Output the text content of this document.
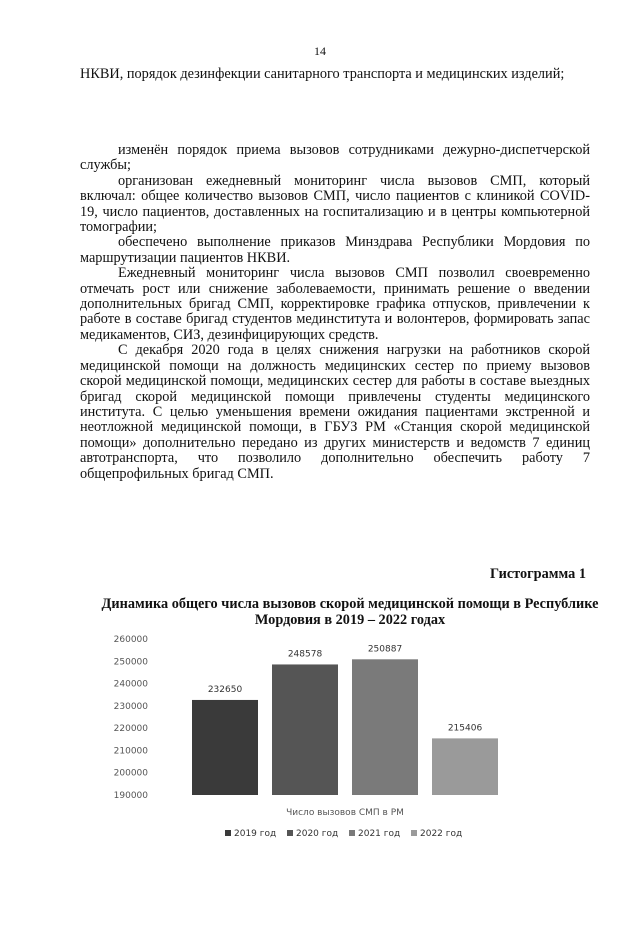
14

НКВИ, порядок дезинфекции санитарного транспорта и медицинских изделий;

изменён порядок приема вызовов сотрудниками дежурно-диспетчерской службы;

организован ежедневный мониторинг числа вызовов СМП, который включал: общее количество вызовов СМП, число пациентов с клиникой COVID-19, число пациентов, доставленных на госпитализацию и в центры компьютерной томографии;

обеспечено выполнение приказов Минздрава Республики Мордовия по маршрутизации пациентов НКВИ.

Ежедневный мониторинг числа вызовов СМП позволил своевременно отмечать рост или снижение заболеваемости, принимать решение о введении дополнительных бригад СМП, корректировке графика отпусков, привлечении к работе в составе бригад студентов мединститута и волонтеров, формировать запас медикаментов, СИЗ, дезинфицирующих средств.

С декабря 2020 года в целях снижения нагрузки на работников скорой медицинской помощи на должность медицинских сестер по приему вызовов скорой медицинской помощи, медицинских сестер для работы в составе выездных бригад скорой медицинской помощи привлечены студенты медицинского института. С целью уменьшения времени ожидания пациентами экстренной и неотложной медицинской помощи, в ГБУЗ РМ «Станция скорой медицинской помощи» дополнительно передано из других министерств и ведомств 7 единиц автотранспорта, что позволило дополнительно обеспечить работу 7 общепрофильных бригад СМП.

Гистограмма 1
Динамика общего числа вызовов скорой медицинской помощи в Республике Мордовия в 2019 – 2022 годах
190000
200000
210000
220000
230000
240000
250000
260000
232650
248578
250887
215406
Число вызовов СМП в РМ
2019 год 2020 год 2021 год 2022 год
